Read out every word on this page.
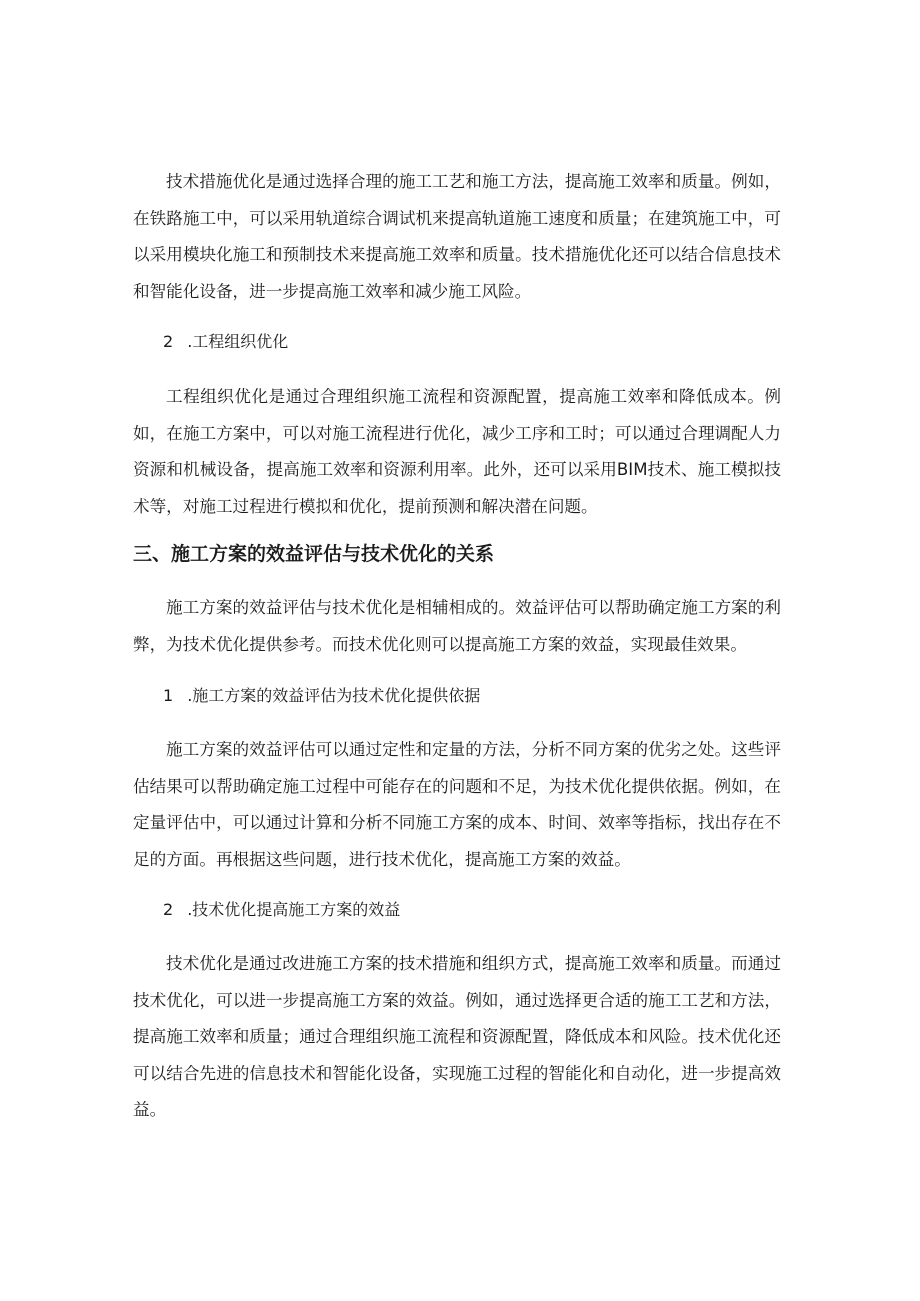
技术措施优化是通过选择合理的施工工艺和施工方法，提高施工效率和质量。例如，在铁路施工中，可以采用轨道综合调试机来提高轨道施工速度和质量；在建筑施工中，可以采用模块化施工和预制技术来提高施工效率和质量。技术措施优化还可以结合信息技术和智能化设备，进一步提高施工效率和减少施工风险。

2 .工程组织优化

工程组织优化是通过合理组织施工流程和资源配置，提高施工效率和降低成本。例如，在施工方案中，可以对施工流程进行优化，减少工序和工时；可以通过合理调配人力资源和机械设备，提高施工效率和资源利用率。此外，还可以采用BIM技术、施工模拟技术等，对施工过程进行模拟和优化，提前预测和解决潜在问题。

三、施工方案的效益评估与技术优化的关系

施工方案的效益评估与技术优化是相辅相成的。效益评估可以帮助确定施工方案的利弊，为技术优化提供参考。而技术优化则可以提高施工方案的效益，实现最佳效果。

1 .施工方案的效益评估为技术优化提供依据

施工方案的效益评估可以通过定性和定量的方法，分析不同方案的优劣之处。这些评估结果可以帮助确定施工过程中可能存在的问题和不足，为技术优化提供依据。例如，在定量评估中，可以通过计算和分析不同施工方案的成本、时间、效率等指标，找出存在不足的方面。再根据这些问题，进行技术优化，提高施工方案的效益。

2 .技术优化提高施工方案的效益

技术优化是通过改进施工方案的技术措施和组织方式，提高施工效率和质量。而通过技术优化，可以进一步提高施工方案的效益。例如，通过选择更合适的施工工艺和方法，提高施工效率和质量；通过合理组织施工流程和资源配置，降低成本和风险。技术优化还可以结合先进的信息技术和智能化设备，实现施工过程的智能化和自动化，进一步提高效益。
